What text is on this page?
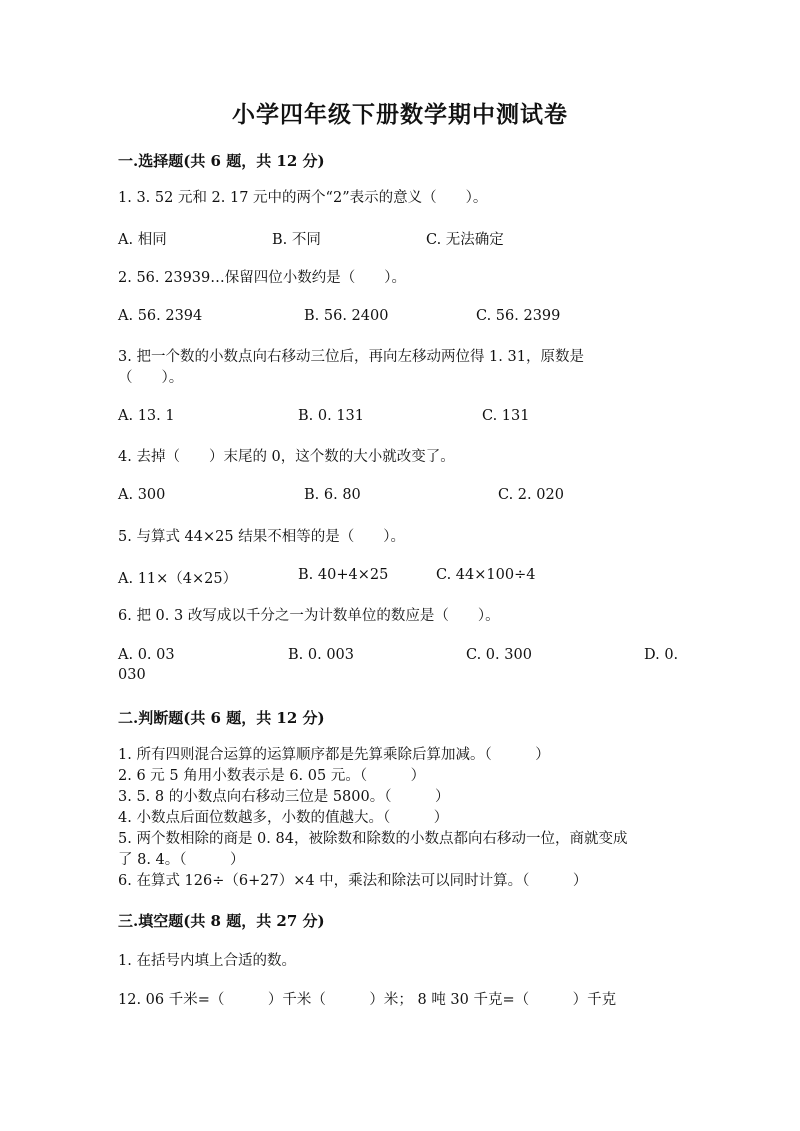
小学四年级下册数学期中测试卷
一.选择题(共 6 题，共 12 分)
1. 3. 52 元和 2. 17 元中的两个“2”表示的意义（　　）。
A. 相同	B. 不同	C. 无法确定
2. 56. 23939…保留四位小数约是（　　）。
A. 56. 2394	B. 56. 2400	C. 56. 2399
3. 把一个数的小数点向右移动三位后，再向左移动两位得 1. 31，原数是
（　　）。
A. 13. 1	B. 0. 131	C. 131
4. 去掉（　　）末尾的 0，这个数的大小就改变了。
A. 300	B. 6. 80	C. 2. 020
5. 与算式 44×25 结果不相等的是（　　）。
A. 11×（4×25）	B. 40+4×25	C. 44×100÷4
6. 把 0. 3 改写成以千分之一为计数单位的数应是（　　）。
A. 0. 03	B. 0. 003	C. 0. 300	D. 0.
030
二.判断题(共 6 题，共 12 分)
1. 所有四则混合运算的运算顺序都是先算乘除后算加减。（　　　）
2. 6 元 5 角用小数表示是 6. 05 元。（　　　）
3. 5. 8 的小数点向右移动三位是 5800。（　　　）
4. 小数点后面位数越多，小数的值越大。（　　　）
5. 两个数相除的商是 0. 84，被除数和除数的小数点都向右移动一位，商就变成
了 8. 4。（　　　）
6. 在算式 126÷（6+27）×4 中，乘法和除法可以同时计算。（　　　）
三.填空题(共 8 题，共 27 分)
1. 在括号内填上合适的数。
12. 06 千米=（　　　）千米（　　　）米； 8 吨 30 千克=（　　　）千克
